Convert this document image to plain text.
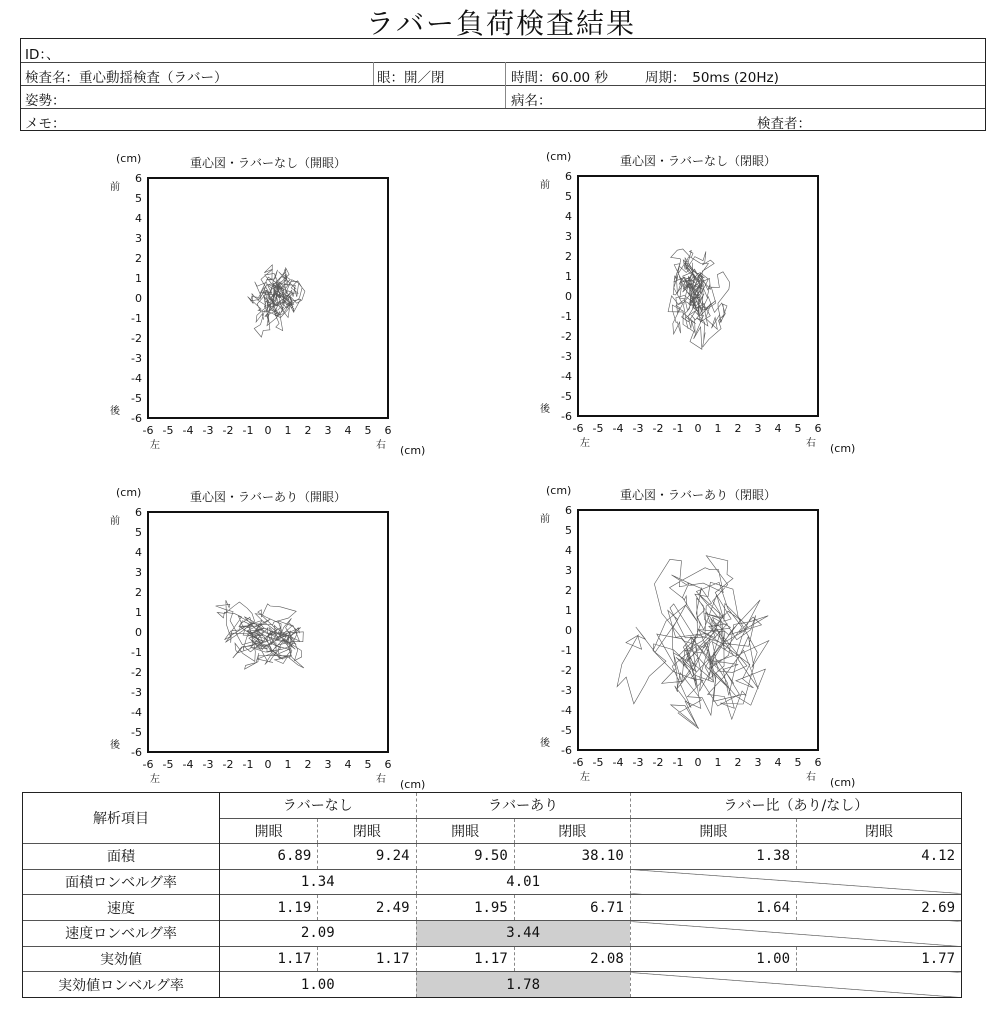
ラバー負荷検査結果
ID：、
検査名：重心動揺検査（ラバー）	眼：開／閉	時間：60.00 秒	周期：　50ms (20Hz)
姿勢：	病名：
メモ：	検査者：
重心図・ラバーなし（開眼）
(cm)
(cm)
前
後
左	右
-6
-6
-5
-5
-4
-4
-3
-3
-2
-2
-1
-1
0
0
1
1
2
2
3
3
4
4
5
5
6
6
重心図・ラバーなし（閉眼）
(cm)
(cm)
前
後
左	右
-6
-6
-5
-5
-4
-4
-3
-3
-2
-2
-1
-1
0
0
1
1
2
2
3
3
4
4
5
5
6
6
重心図・ラバーあり（開眼）
(cm)
(cm)
前
後
左	右
-6
-6
-5
-5
-4
-4
-3
-3
-2
-2
-1
-1
0
0
1
1
2
2
3
3
4
4
5
5
6
6
重心図・ラバーあり（閉眼）
(cm)
(cm)
前
後
左	右
-6
-6
-5
-5
-4
-4
-3
-3
-2
-2
-1
-1
0
0
1
1
2
2
3
3
4
4
5
5
6
6
解析項目	ラバーなし		ラバーあり		ラバー比（あり/なし）	
	開眼	閉眼	開眼	閉眼	開眼	閉眼
面積	6.89	9.24	9.50	38.10	1.38	4.12
面積ロンベルグ率	1.34		4.01			
速度	1.19	2.49	1.95	6.71	1.64	2.69
速度ロンベルグ率	2.09		3.44			
実効値	1.17	1.17	1.17	2.08	1.00	1.77
実効値ロンベルグ率	1.00		1.78			
